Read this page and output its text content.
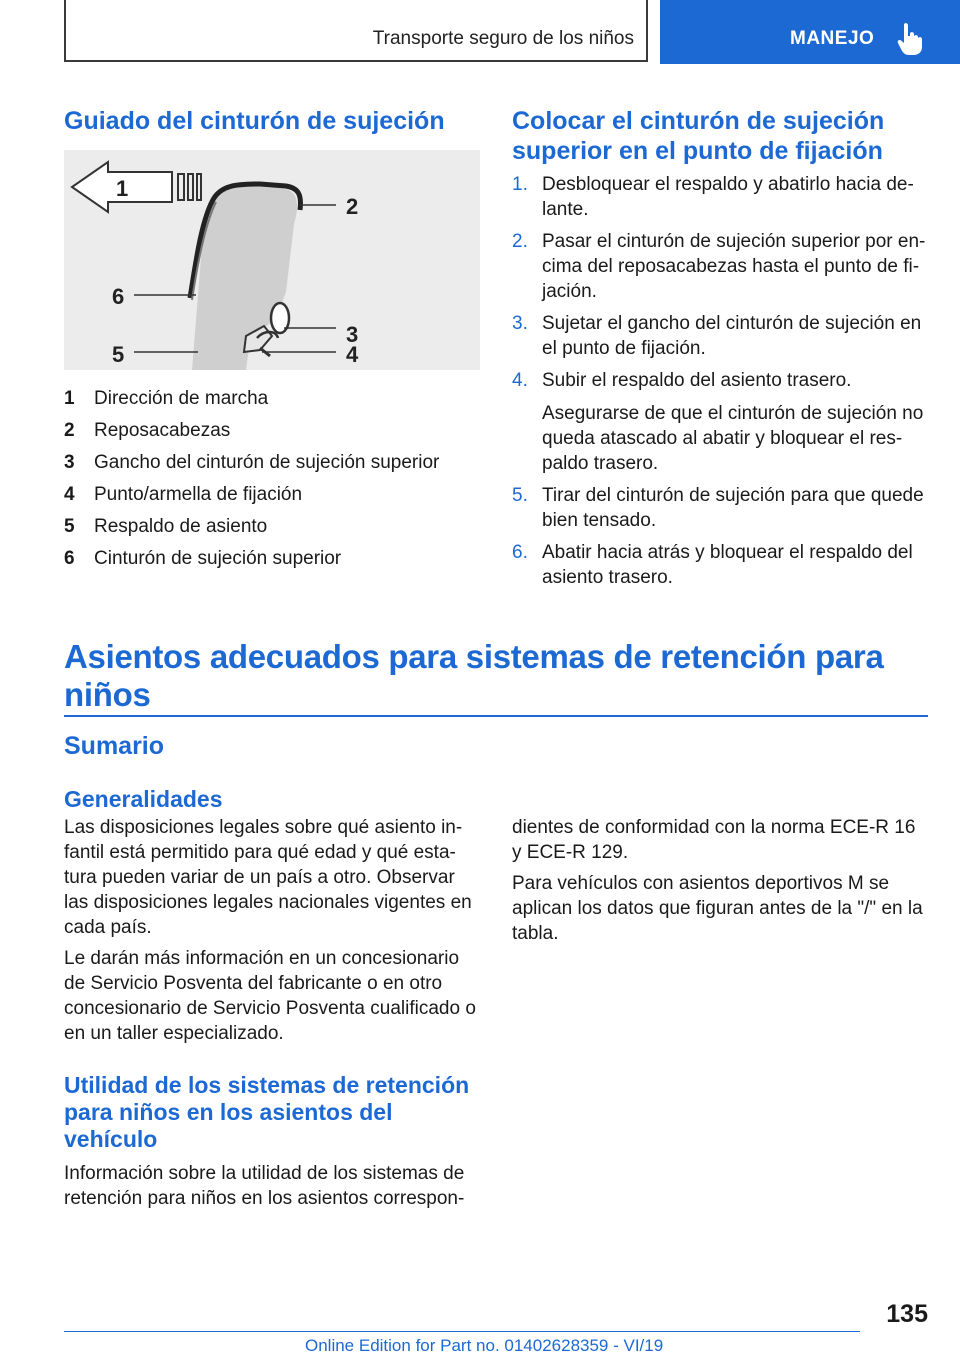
Transporte seguro de los niños	MANEJO
Guiado del cinturón de sujeción
1
2
3
4
5
6
1	Dirección de marcha
2	Reposacabezas
3	Gancho del cinturón de sujeción superior
4	Punto/armella de fijación
5	Respaldo de asiento
6	Cinturón de sujeción superior
Colocar el cinturón de sujeción superior en el punto de fijación
1. Desbloquear el respaldo y abatirlo hacia de-lante.
2. Pasar el cinturón de sujeción superior por en-cima del reposacabezas hasta el punto de fi-jación.
3. Sujetar el gancho del cinturón de sujeción en el punto de fijación.
4. Subir el respaldo del asiento trasero.
Asegurarse de que el cinturón de sujeción no queda atascado al abatir y bloquear el res-paldo trasero.
5. Tirar del cinturón de sujeción para que quede bien tensado.
6. Abatir hacia atrás y bloquear el respaldo del asiento trasero.
Asientos adecuados para sistemas de retención para niños
Sumario
Generalidades

Las disposiciones legales sobre qué asiento in-fantil está permitido para qué edad y qué esta-tura pueden variar de un país a otro. Observar las disposiciones legales nacionales vigentes en cada país.

Le darán más información en un concesionario de Servicio Posventa del fabricante o en otro concesionario de Servicio Posventa cualificado o en un taller especializado.

Utilidad de los sistemas de retención para niños en los asientos del vehículo

Información sobre la utilidad de los sistemas de retención para niños en los asientos correspon-

dientes de conformidad con la norma ECE-R 16 y ECE-R 129.

Para vehículos con asientos deportivos M se aplican los datos que figuran antes de la "/" en la tabla.

135
Online Edition for Part no. 01402628359 - VI/19
